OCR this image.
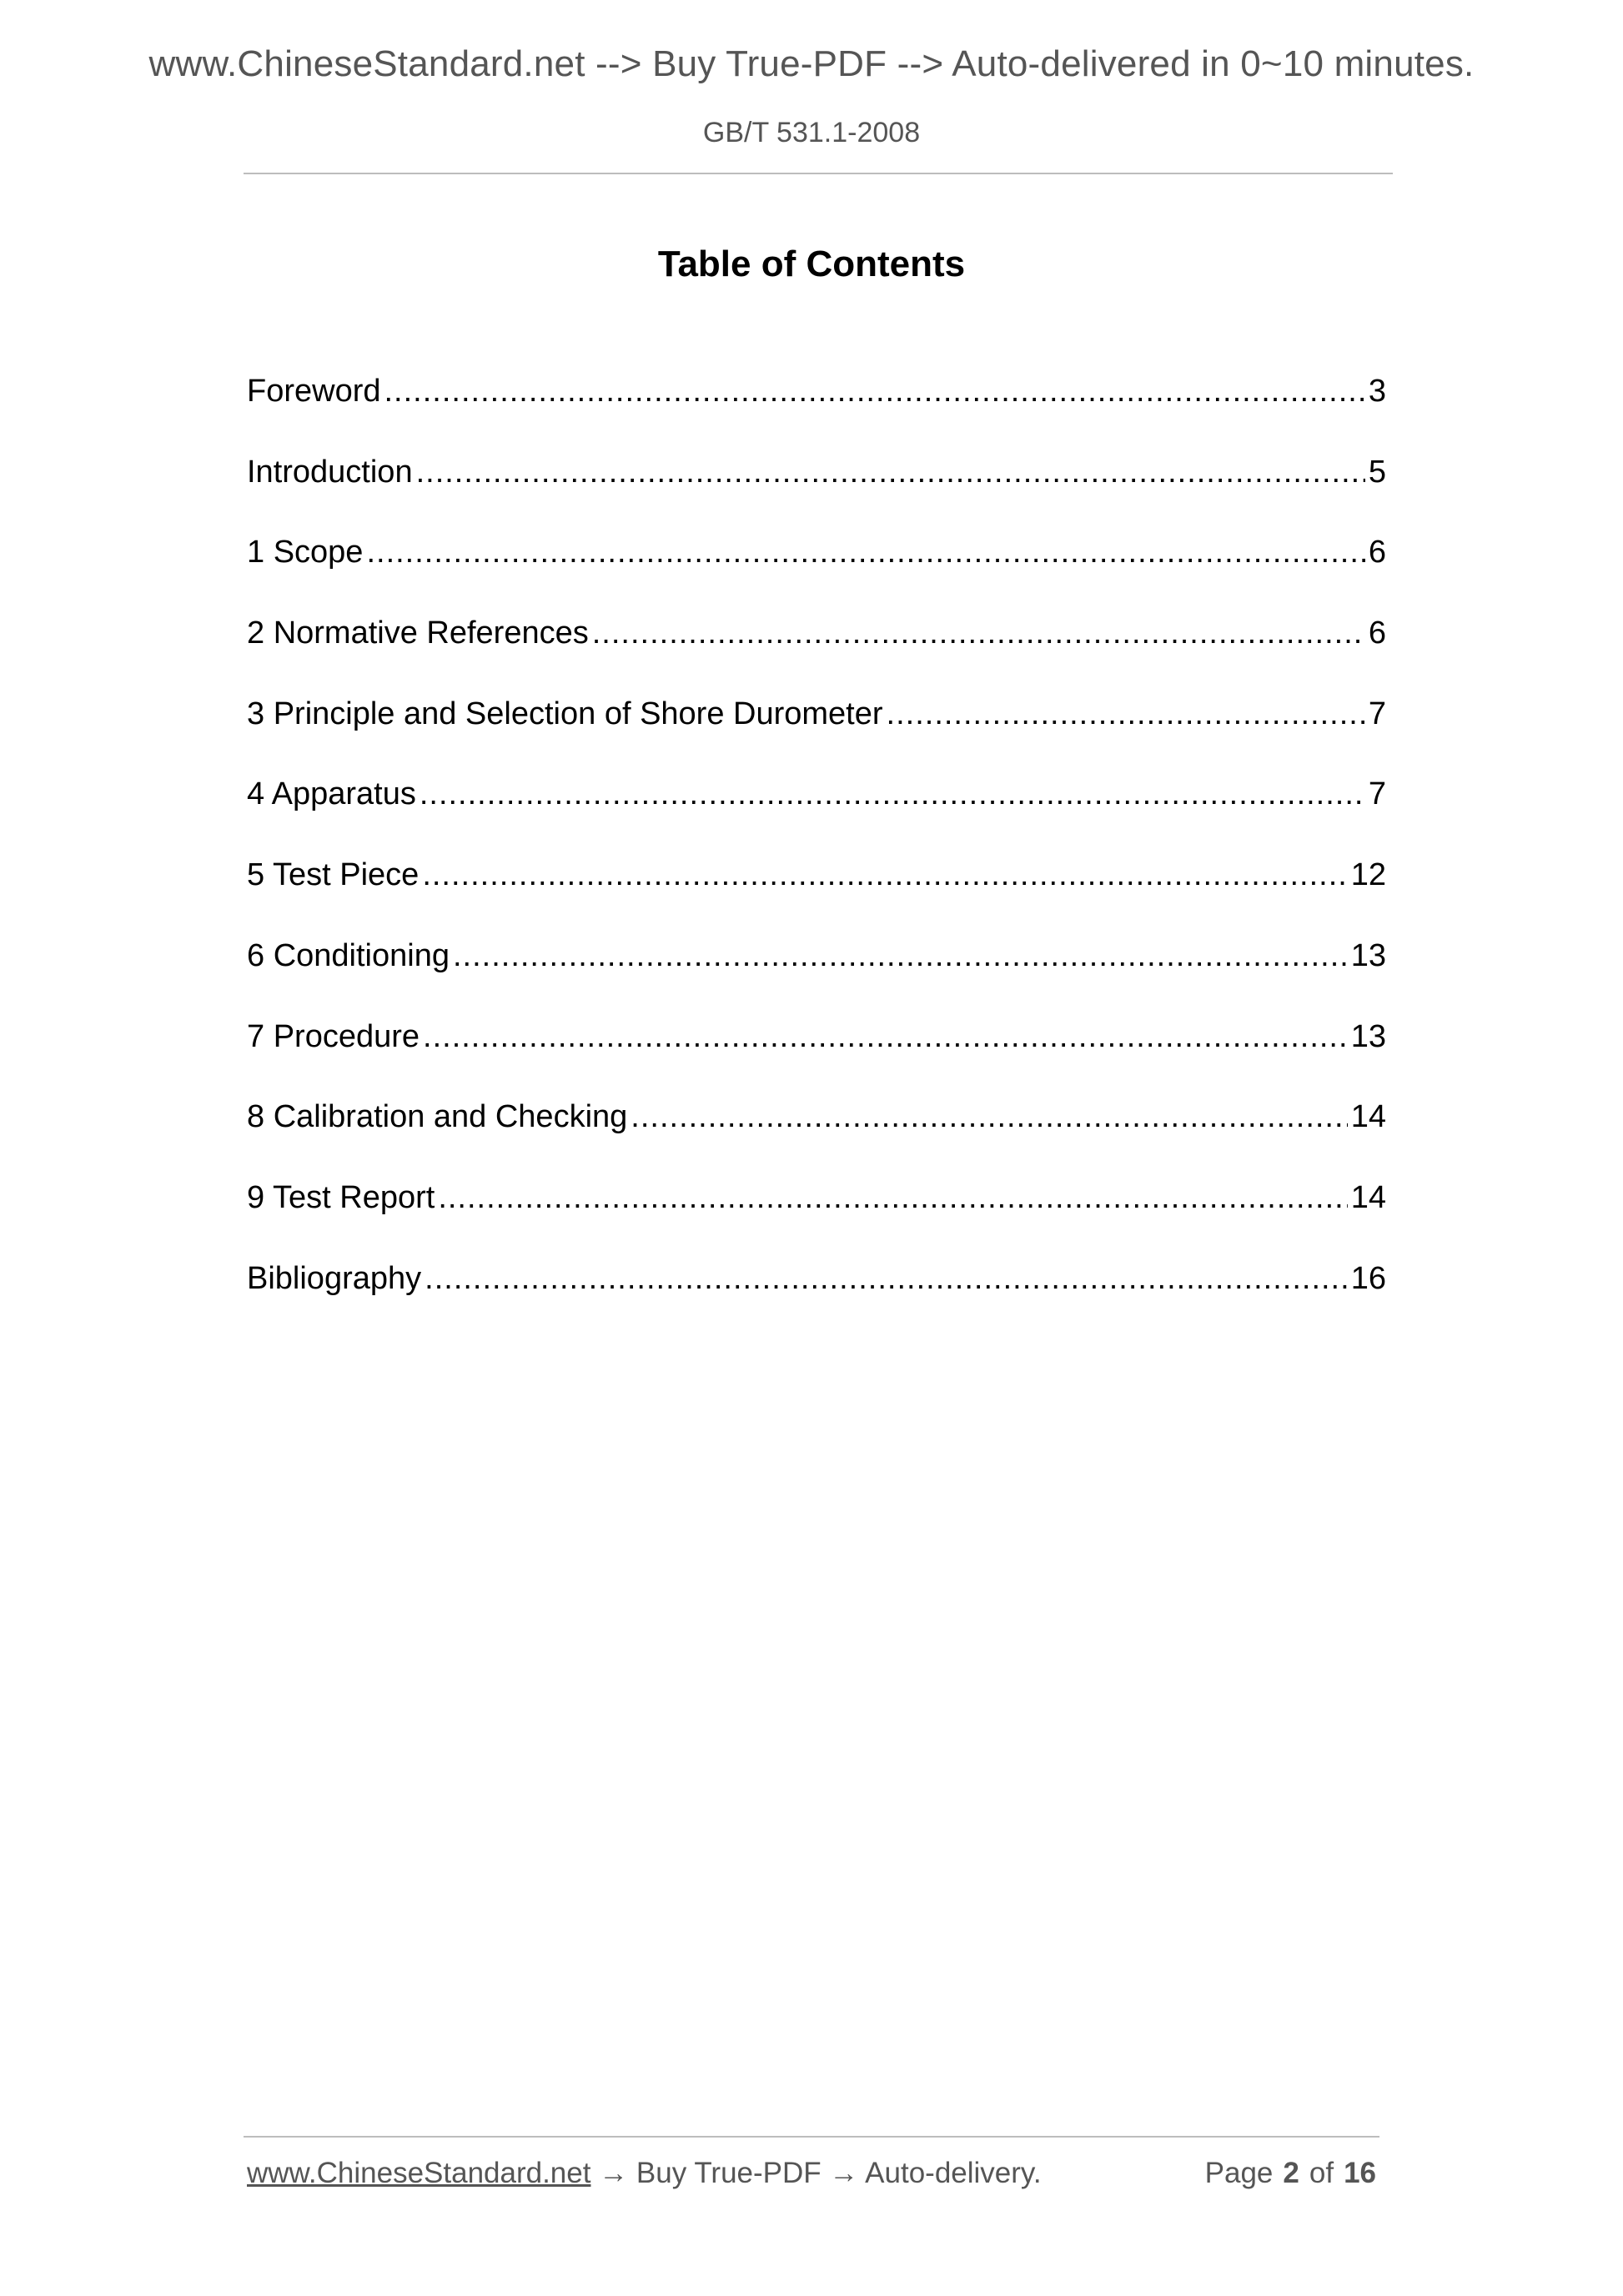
www.ChineseStandard.net --> Buy True-PDF --> Auto-delivered in 0~10 minutes.
GB/T 531.1-2008
Table of Contents
Foreword .....	3
Introduction .....	5
1 Scope .....	6
2 Normative References .....	6
3 Principle and Selection of Shore Durometer .....	7
4 Apparatus .....	7
5 Test Piece .....	12
6 Conditioning .....	13
7 Procedure .....	13
8 Calibration and Checking .....	14
9 Test Report .....	14
Bibliography .....	16
www.ChineseStandard.net → Buy True-PDF → Auto-delivery.	Page 2 of 16
